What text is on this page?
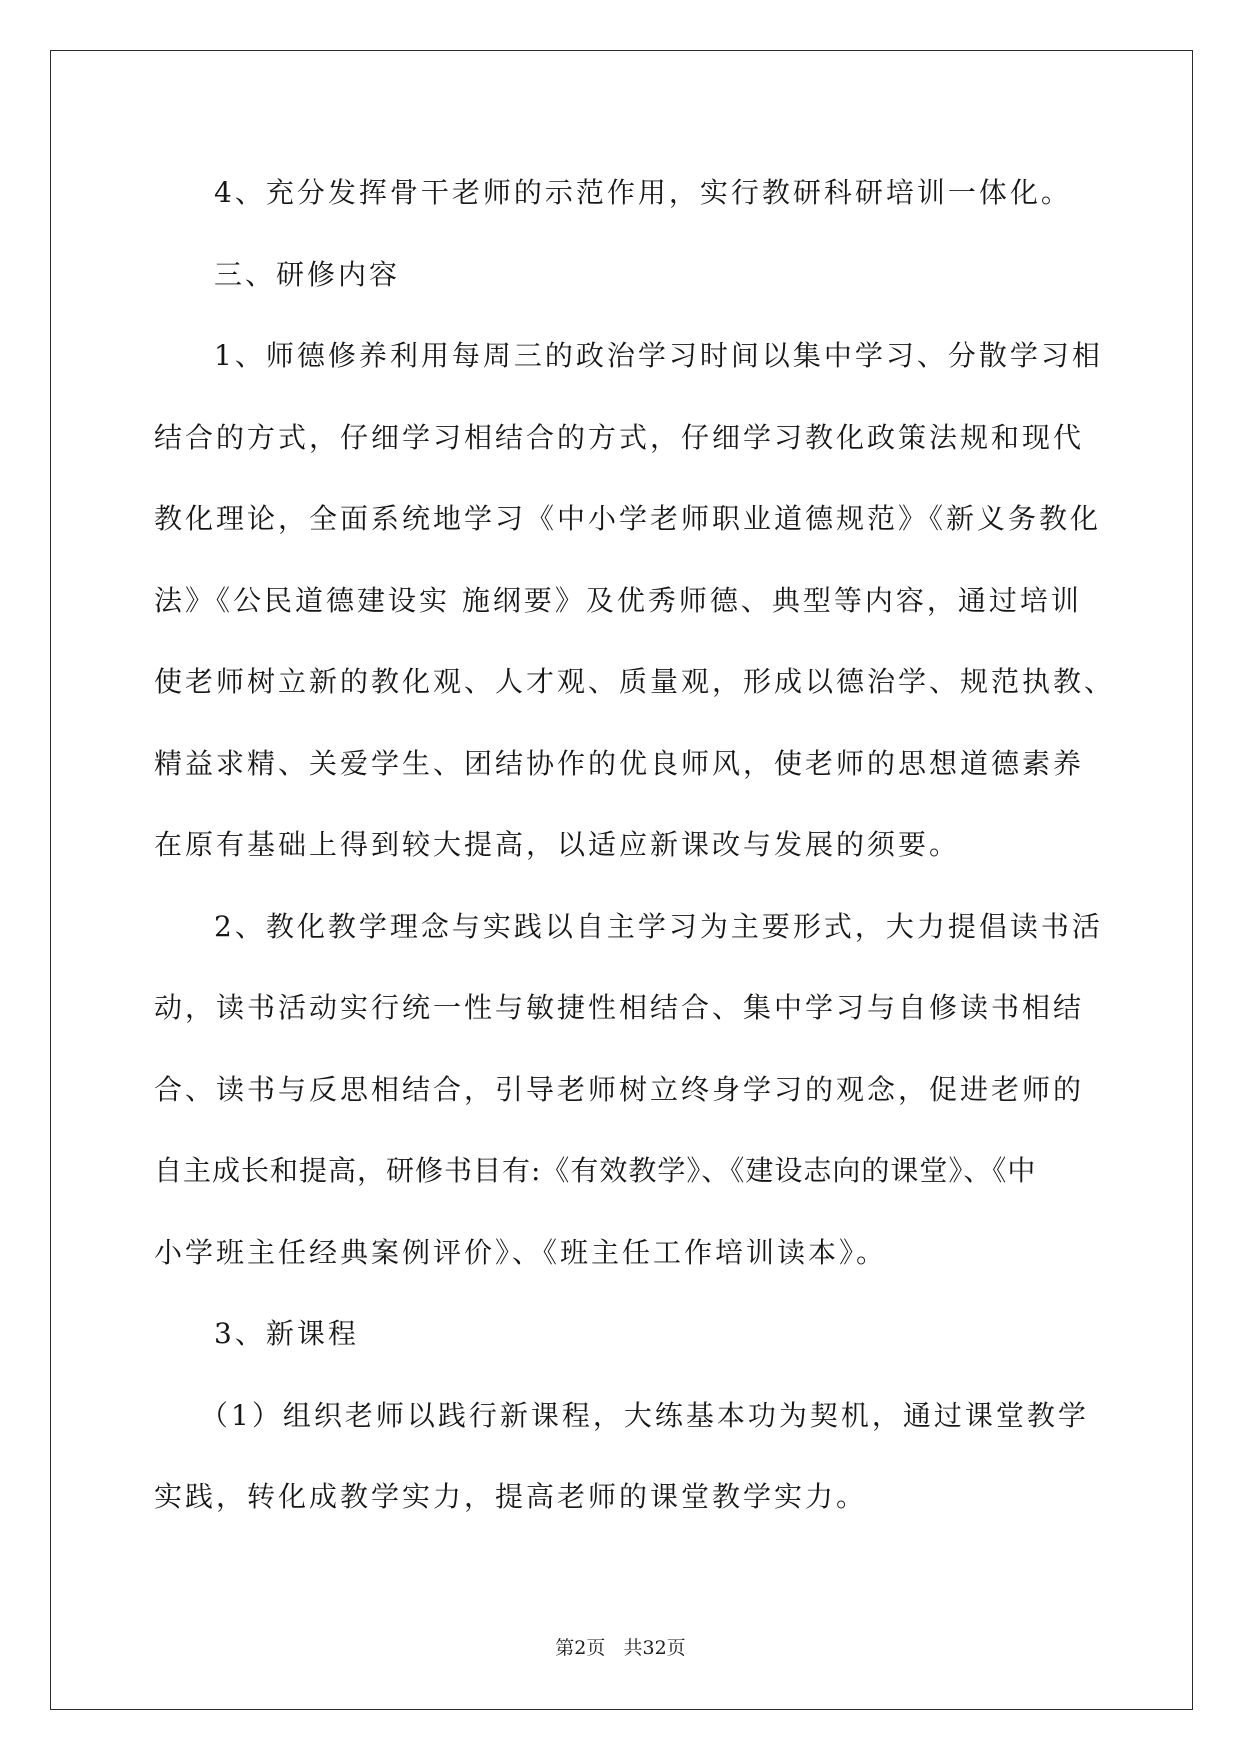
4、充分发挥骨干老师的示范作用，实行教研科研培训一体化。
三、研修内容
1、师德修养利用每周三的政治学习时间以集中学习、分散学习相
结合的方式，仔细学习相结合的方式，仔细学习教化政策法规和现代
教化理论，全面系统地学习《中小学老师职业道德规范》《新义务教化
法》《公民道德建设实 施纲要》及优秀师德、典型等内容，通过培训
使老师树立新的教化观、人才观、质量观，形成以德治学、规范执教、
精益求精、关爱学生、团结协作的优良师风，使老师的思想道德素养
在原有基础上得到较大提高，以适应新课改与发展的须要。
2、教化教学理念与实践以自主学习为主要形式，大力提倡读书活
动，读书活动实行统一性与敏捷性相结合、集中学习与自修读书相结
合、读书与反思相结合，引导老师树立终身学习的观念，促进老师的
自主成长和提高，研修书目有:《有效教学》、《建设志向的课堂》、《中
小学班主任经典案例评价》、《班主任工作培训读本》。
3、新课程
（1）组织老师以践行新课程，大练基本功为契机，通过课堂教学
实践，转化成教学实力，提高老师的课堂教学实力。
第2页   共32页
